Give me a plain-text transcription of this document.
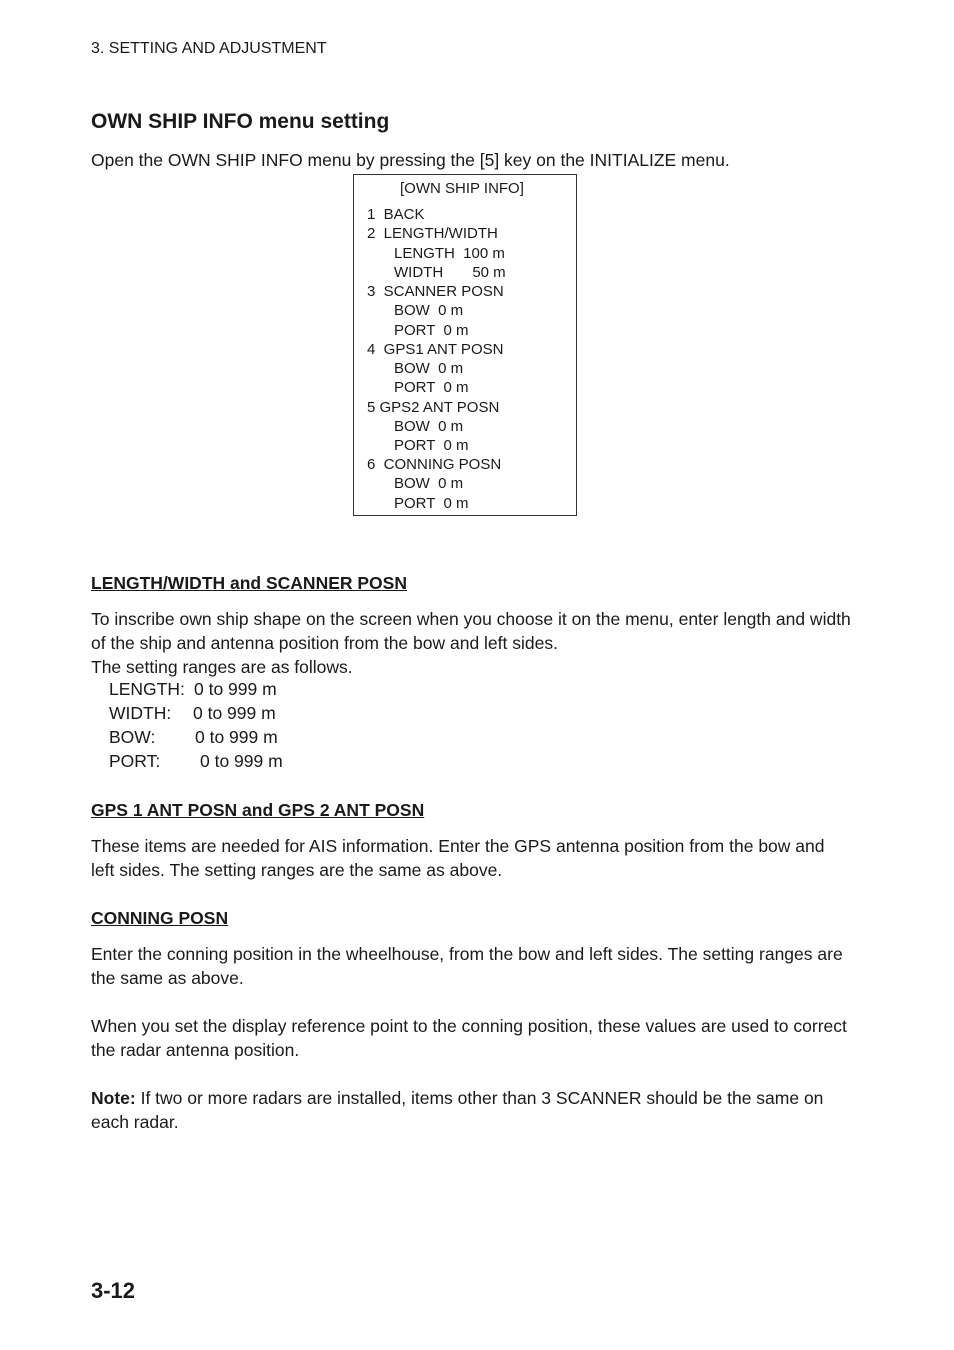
3. SETTING AND ADJUSTMENT
OWN SHIP INFO menu setting
Open the OWN SHIP INFO menu by pressing the [5] key on the INITIALIZE menu.
[OWN SHIP INFO]
1  BACK
2  LENGTH/WIDTH
LENGTH  100 m
WIDTH       50 m
3  SCANNER POSN
BOW  0 m
PORT  0 m
4  GPS1 ANT POSN
BOW  0 m
PORT  0 m
5 GPS2 ANT POSN
BOW  0 m
PORT  0 m
6  CONNING POSN
BOW  0 m
PORT  0 m
LENGTH/WIDTH and SCANNER POSN
To inscribe own ship shape on the screen when you choose it on the menu, enter length and width of the ship and antenna position from the bow and left sides.
The setting ranges are as follows.
LENGTH: 0 to 999 m
WIDTH: 0 to 999 m
BOW: 0 to 999 m
PORT: 0 to 999 m
GPS 1 ANT POSN and GPS 2 ANT POSN
These items are needed for AIS information. Enter the GPS antenna position from the bow and left sides. The setting ranges are the same as above.
CONNING POSN
Enter the conning position in the wheelhouse, from the bow and left sides. The setting ranges are the same as above.
When you set the display reference point to the conning position, these values are used to correct the radar antenna position.
Note: If two or more radars are installed, items other than 3 SCANNER should be the same on each radar.
3-12
